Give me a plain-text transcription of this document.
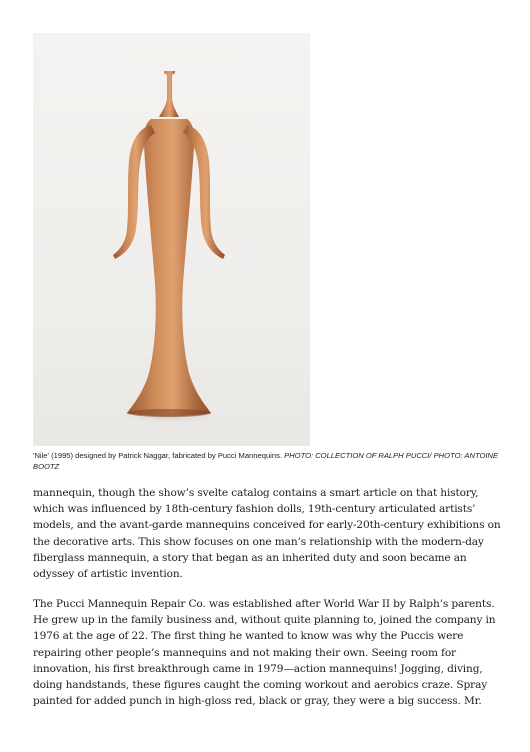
'Nile' (1995) designed by Patrick Naggar, fabricated by Pucci Mannequins. PHOTO: COLLECTION OF RALPH PUCCI/ PHOTO: ANTOINE BOOTZ

mannequin, though the show’s svelte catalog contains a smart article on that history, which was influenced by 18th-century fashion dolls, 19th-century articulated artists’ models, and the avant-garde mannequins conceived for early-20th-century exhibitions on the decorative arts. This show focuses on one man’s relationship with the modern-day fiberglass mannequin, a story that began as an inherited duty and soon became an odyssey of artistic invention.

The Pucci Mannequin Repair Co. was established after World War II by Ralph’s parents. He grew up in the family business and, without quite planning to, joined the company in 1976 at the age of 22. The first thing he wanted to know was why the Puccis were repairing other people’s mannequins and not making their own. Seeing room for innovation, his first breakthrough came in 1979—action mannequins! Jogging, diving, doing handstands, these figures caught the coming workout and aerobics craze. Spray painted for added punch in high-gloss red, black or gray, they were a big success. Mr.
